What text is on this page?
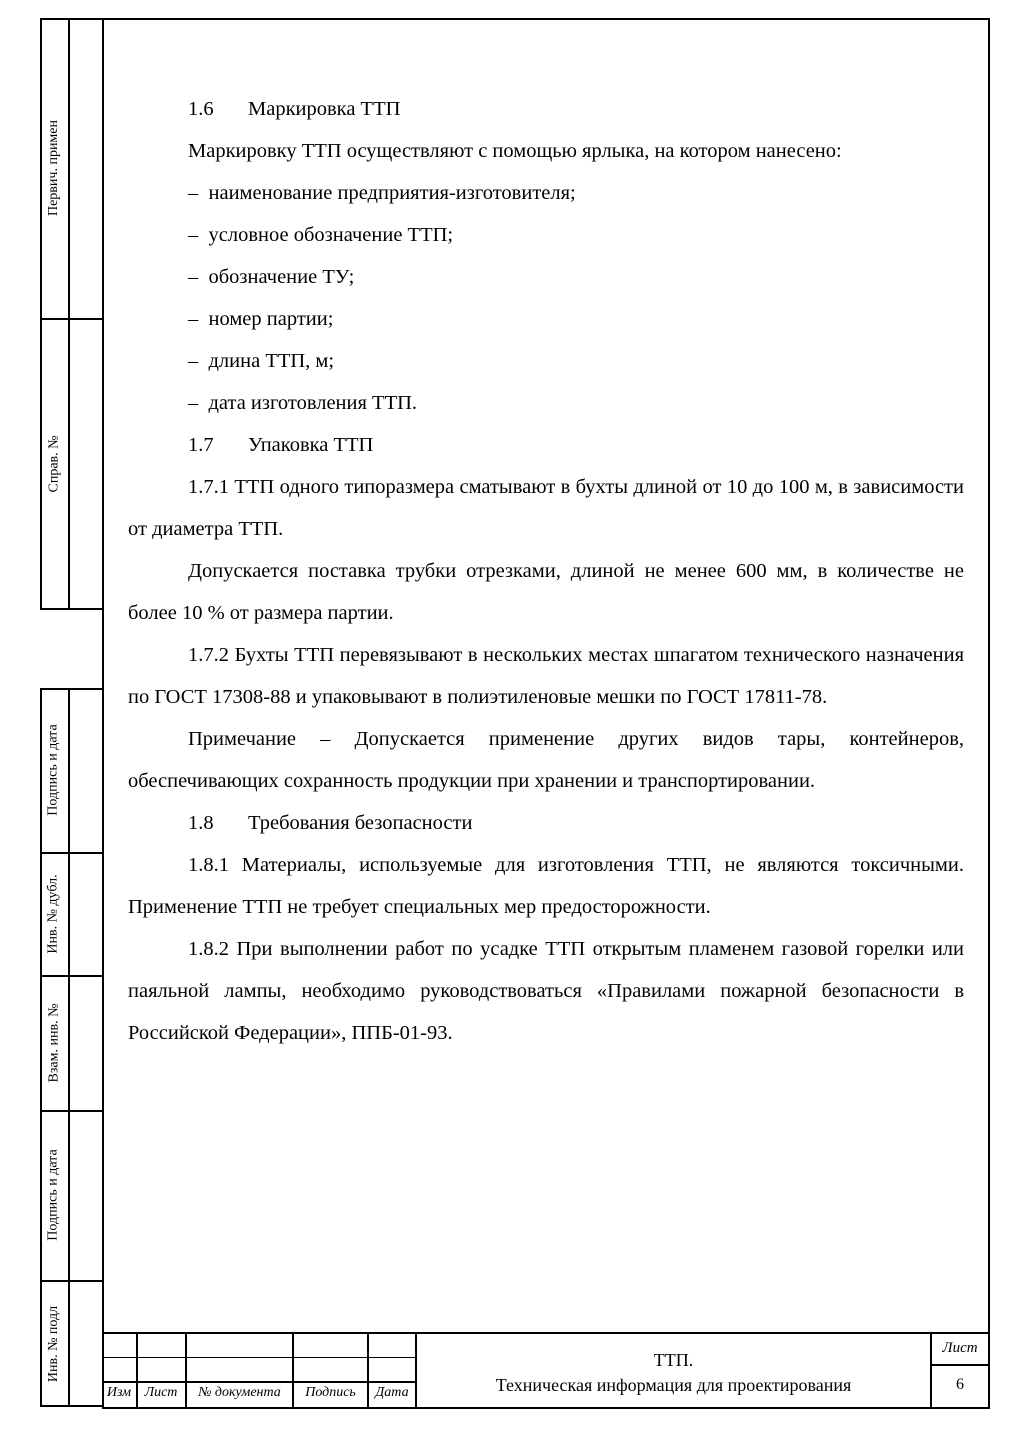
Первич. примен
Справ. №
Подпись и дата
Инв. № дубл.
Взам. инв. №
Подпись и дата
Инв. № подл

1.6 Маркировка ТТП

Маркировку ТТП осуществляют с помощью ярлыка, на котором нанесено:

– наименование предприятия-изготовителя;

– условное обозначение ТТП;

– обозначение ТУ;

– номер партии;

– длина ТТП, м;

– дата изготовления ТТП.

1.7 Упаковка ТТП

1.7.1 ТТП одного типоразмера сматывают в бухты длиной от 10 до 100 м, в зависимости от диаметра ТТП.

Допускается поставка трубки отрезками, длиной не менее 600 мм, в количестве не более 10 % от размера партии.

1.7.2 Бухты ТТП перевязывают в нескольких местах шпагатом технического назначения по ГОСТ 17308-88 и упаковывают в полиэтиленовые мешки по ГОСТ 17811-78.

Примечание – Допускается применение других видов тары, контейнеров, обеспечивающих сохранность продукции при хранении и транспортировании.

1.8 Требования безопасности

1.8.1 Материалы, используемые для изготовления ТТП, не являются токсичными. Применение ТТП не требует специальных мер предосторожности.

1.8.2 При выполнении работ по усадке ТТП открытым пламенем газовой горелки или паяльной лампы, необходимо руководствоваться «Правилами пожарной безопасности в Российской Федерации», ППБ-01-93.

Изм Лист	№ документа	Подпись	Дата
ТТП.
Техническая информация для проектирования
Лист
6
